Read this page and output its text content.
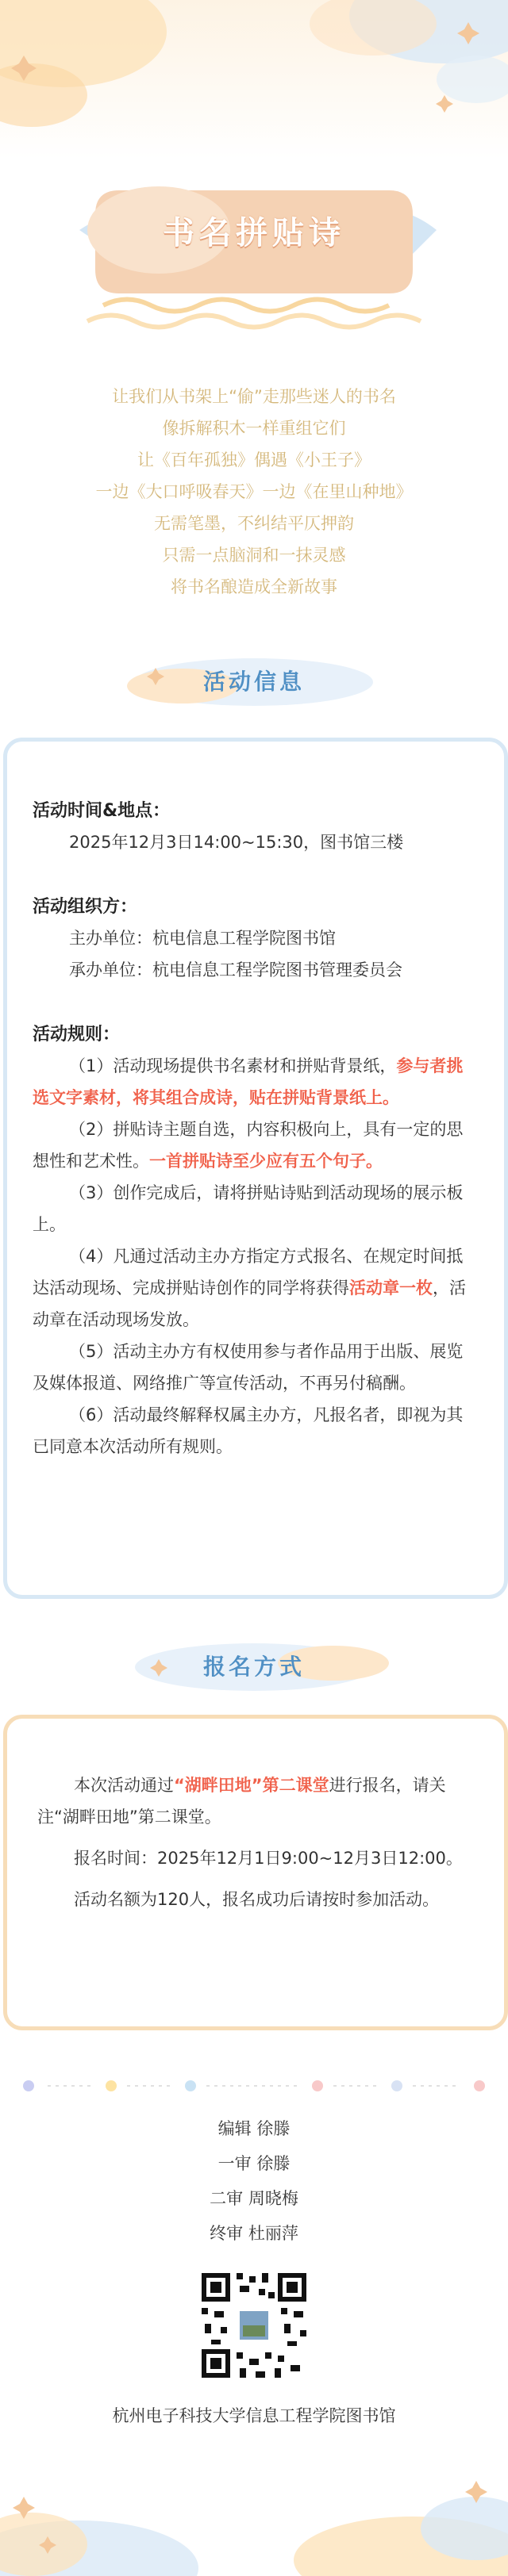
书名拼贴诗
让我们从书架上“偷”走那些迷人的书名
像拆解积木一样重组它们
让《百年孤独》偶遇《小王子》
一边《大口呼吸春天》一边《在里山种地》
无需笔墨，不纠结平仄押韵
只需一点脑洞和一抹灵感
将书名酿造成全新故事
活动信息
活动时间&地点：
2025年12月3日14:00~15:30，图书馆三楼
活动组织方：
主办单位：杭电信息工程学院图书馆
承办单位：杭电信息工程学院图书管理委员会
活动规则：
（1）活动现场提供书名素材和拼贴背景纸，参与者挑选文字素材，将其组合成诗，贴在拼贴背景纸上。
（2）拼贴诗主题自选，内容积极向上，具有一定的思想性和艺术性。一首拼贴诗至少应有五个句子。
（3）创作完成后，请将拼贴诗贴到活动现场的展示板上。
（4）凡通过活动主办方指定方式报名、在规定时间抵达活动现场、完成拼贴诗创作的同学将获得活动章一枚，活动章在活动现场发放。
（5）活动主办方有权使用参与者作品用于出版、展览及媒体报道、网络推广等宣传活动，不再另付稿酬。
（6）活动最终解释权属主办方，凡报名者，即视为其已同意本次活动所有规则。
报名方式
本次活动通过“湖畔田地”第二课堂进行报名，请关注“湖畔田地”第二课堂。
报名时间：2025年12月1日9:00~12月3日12:00。
活动名额为120人，报名成功后请按时参加活动。
编辑 徐滕
一审 徐滕
二审 周晓梅
终审 杜丽萍
杭州电子科技大学信息工程学院图书馆
